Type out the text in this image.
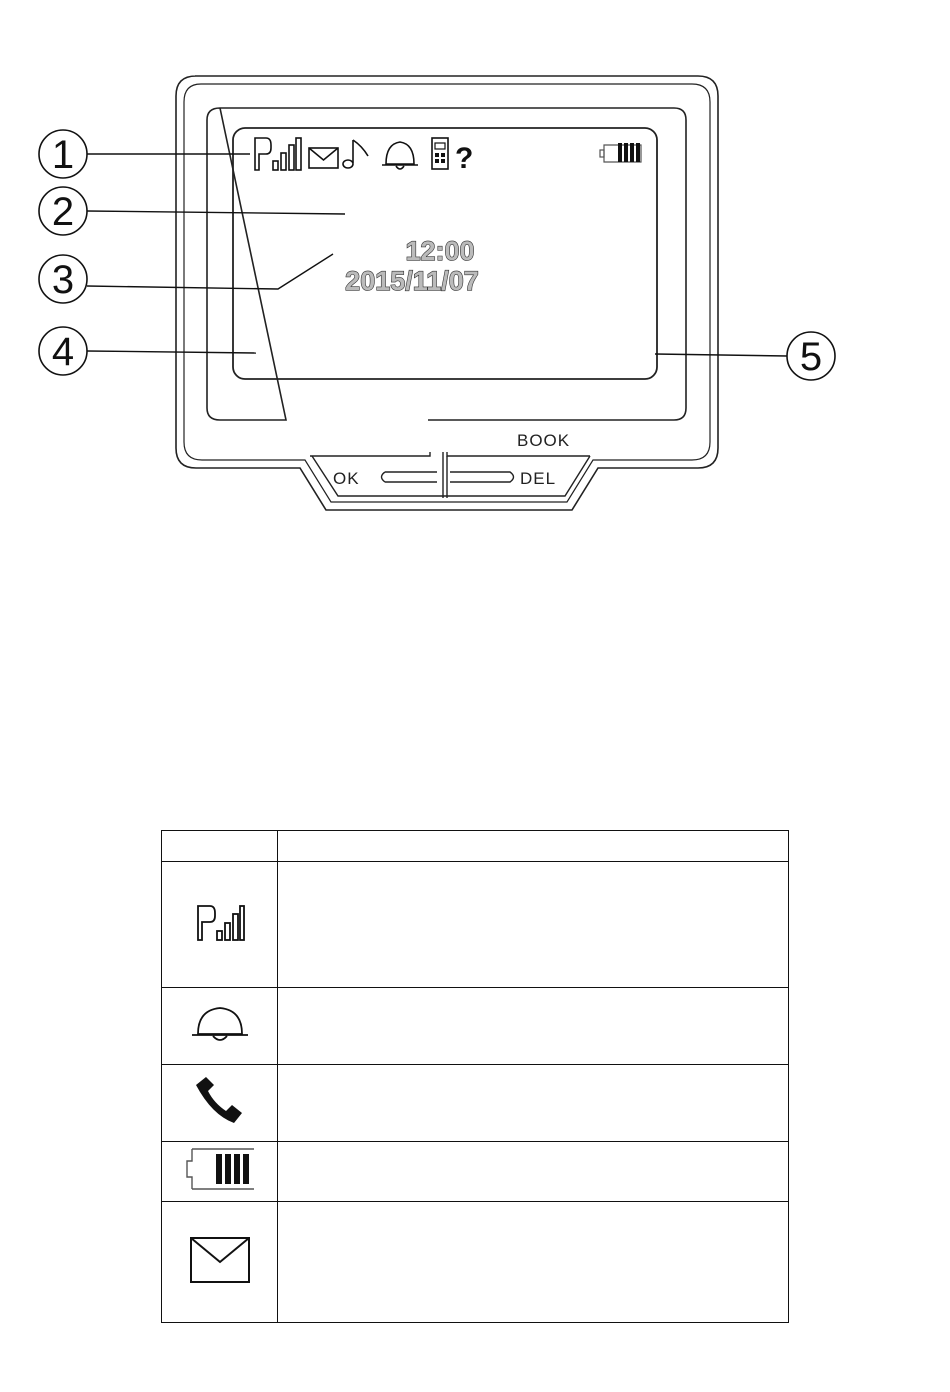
?
12:00
2015/11/07
BOOK
OK	DEL
1
2
3
4	5
